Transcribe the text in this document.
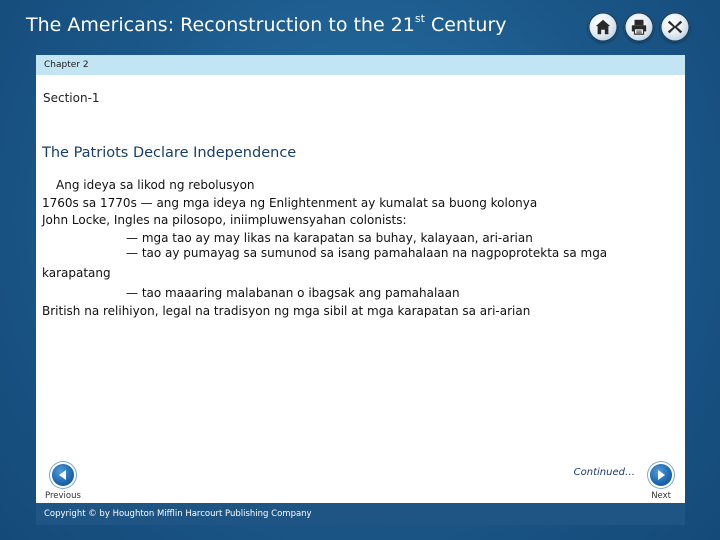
The Americans: Reconstruction to the 21st Century
Chapter 2
Section-1
The Patriots Declare Independence
Ang ideya sa likod ng rebolusyon
1760s sa 1770s — ang mga ideya ng Enlightenment ay kumalat sa buong kolonya
John Locke, Ingles na pilosopo, iniimpluwensyahan colonists:
— mga tao ay may likas na karapatan sa buhay, kalayaan, ari-arian
— tao ay pumayag sa sumunod sa isang pamahalaan na nagpoprotekta sa mga
karapatang
— tao maaaring malabanan o ibagsak ang pamahalaan
British na relihiyon, legal na tradisyon ng mga sibil at mga karapatan sa ari-arian
Continued…
Previous	Next
Copyright © by Houghton Mifflin Harcourt Publishing Company
